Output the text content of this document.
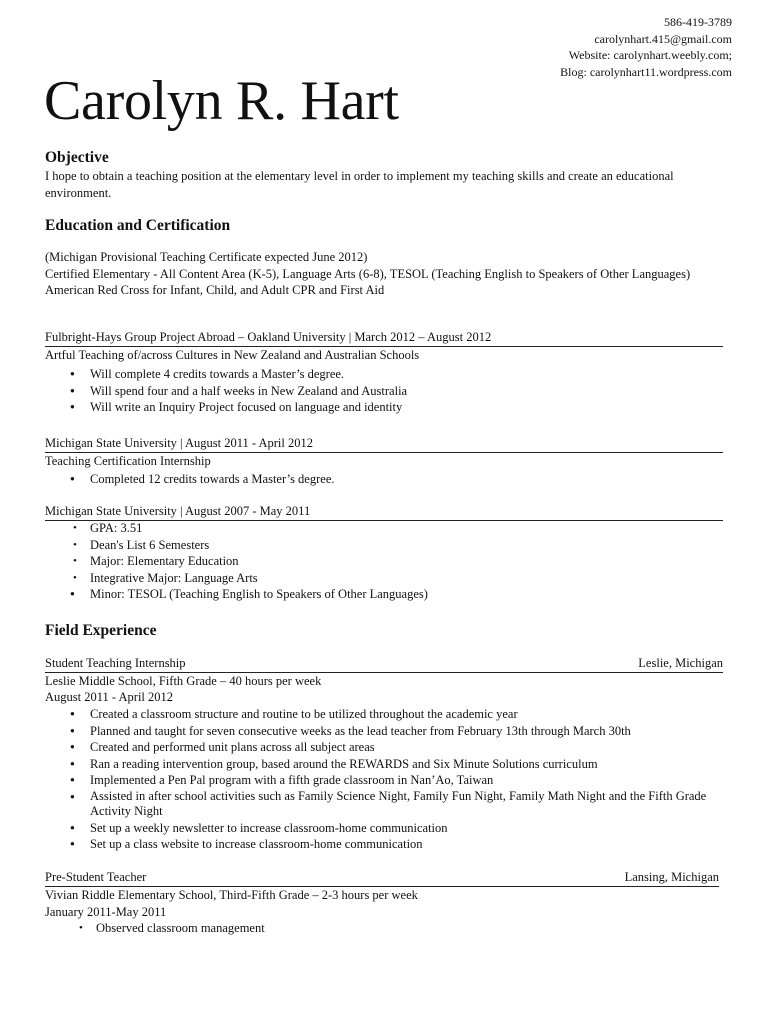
586-419-3789
carolynhart.415@gmail.com
Website: carolynhart.weebly.com;
Blog: carolynhart11.wordpress.com
Carolyn R. Hart
Objective
I hope to obtain a teaching position at the elementary level in order to implement my teaching skills and create an educational environment.
Education and Certification
(Michigan Provisional Teaching Certificate expected June 2012)
Certified Elementary - All Content Area (K-5), Language Arts (6-8), TESOL (Teaching English to Speakers of Other Languages)
American Red Cross for Infant, Child, and Adult CPR and First Aid
Fulbright-Hays Group Project Abroad – Oakland University | March 2012 – August 2012
Artful Teaching of/across Cultures in New Zealand and Australian Schools
● Will complete 4 credits towards a Master’s degree.
● Will spend four and a half weeks in New Zealand and Australia
● Will write an Inquiry Project focused on language and identity
Michigan State University | August 2011 - April 2012
Teaching Certification Internship
● Completed 12 credits towards a Master’s degree.
Michigan State University | August 2007 - May 2011
• GPA: 3.51
• Dean's List 6 Semesters
• Major: Elementary Education
• Integrative Major: Language Arts
● Minor: TESOL (Teaching English to Speakers of Other Languages)
Field Experience
Student Teaching Internship	Leslie, Michigan
Leslie Middle School, Fifth Grade – 40 hours per week
August 2011 - April 2012
● Created a classroom structure and routine to be utilized throughout the academic year
● Planned and taught for seven consecutive weeks as the lead teacher from February 13th through March 30th
● Created and performed unit plans across all subject areas
● Ran a reading intervention group, based around the REWARDS and Six Minute Solutions curriculum
● Implemented a Pen Pal program with a fifth grade classroom in Nan’Ao, Taiwan
● Assisted in after school activities such as Family Science Night, Family Fun Night, Family Math Night and the Fifth Grade Activity Night
● Set up a weekly newsletter to increase classroom-home communication
● Set up a class website to increase classroom-home communication
Pre-Student Teacher	Lansing, Michigan
Vivian Riddle Elementary School, Third-Fifth Grade – 2-3 hours per week
January 2011-May 2011
• Observed classroom management
